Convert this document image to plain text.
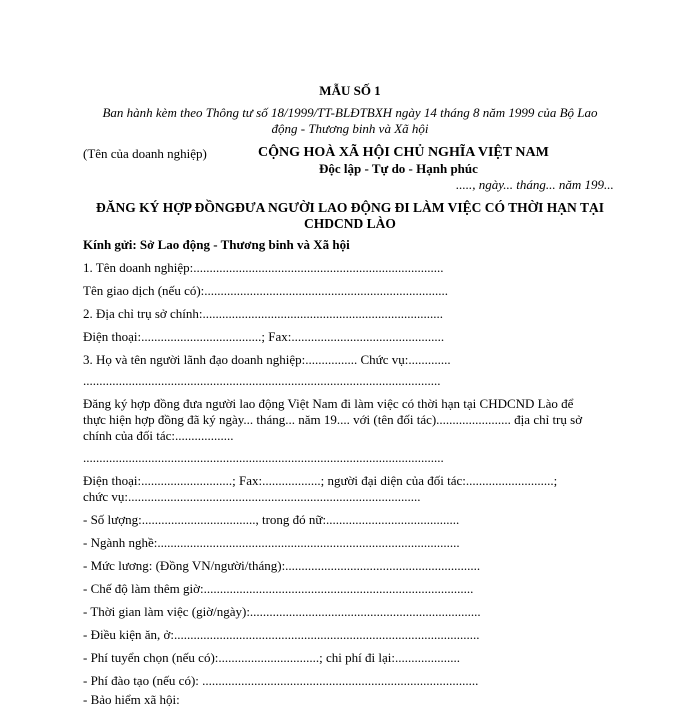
MẪU SỐ 1
Ban hành kèm theo Thông tư số 18/1999/TT-BLĐTBXH ngày 14 tháng 8 năm 1999 của Bộ Lao
động - Thương binh và Xã hội
(Tên của doanh nghiệp)	CỘNG HOÀ XÃ HỘI CHỦ NGHĨA VIỆT NAM
Độc lập - Tự do - Hạnh phúc
....., ngày... tháng... năm 199...
ĐĂNG KÝ HỢP ĐỒNGĐƯA NGƯỜI LAO ĐỘNG ĐI LÀM VIỆC CÓ THỜI HẠN TẠI
CHDCND LÀO
Kính gửi: Sở Lao động - Thương binh và Xã hội
1. Tên doanh nghiệp:.............................................................................
Tên giao dịch (nếu có):...........................................................................
2. Địa chỉ trụ sở chính:..........................................................................
Điện thoại:.....................................; Fax:...............................................
3. Họ và tên người lãnh đạo doanh nghiệp:................ Chức vụ:.............
..............................................................................................................
Đăng ký hợp đồng đưa người lao động Việt Nam đi làm việc có thời hạn tại CHDCND Lào để
thực hiện hợp đồng đã ký ngày... tháng... năm 19.... với (tên đối tác)....................... địa chỉ trụ sở
chính của đối tác:..................
...............................................................................................................
Điện thoại:............................; Fax:..................; người đại diện của đối tác:...........................;
chức vụ:..........................................................................................
- Số lượng:..................................., trong đó nữ:.........................................
- Ngành nghề:.............................................................................................
- Mức lương: (Đồng VN/người/tháng):............................................................
- Chế độ làm thêm giờ:...................................................................................
- Thời gian làm việc (giờ/ngày):.......................................................................
- Điều kiện ăn, ở:..............................................................................................
- Phí tuyển chọn (nếu có):...............................; chi phí đi lại:....................
- Phí đào tạo (nếu có): .....................................................................................
- Bảo hiểm xã hội:
